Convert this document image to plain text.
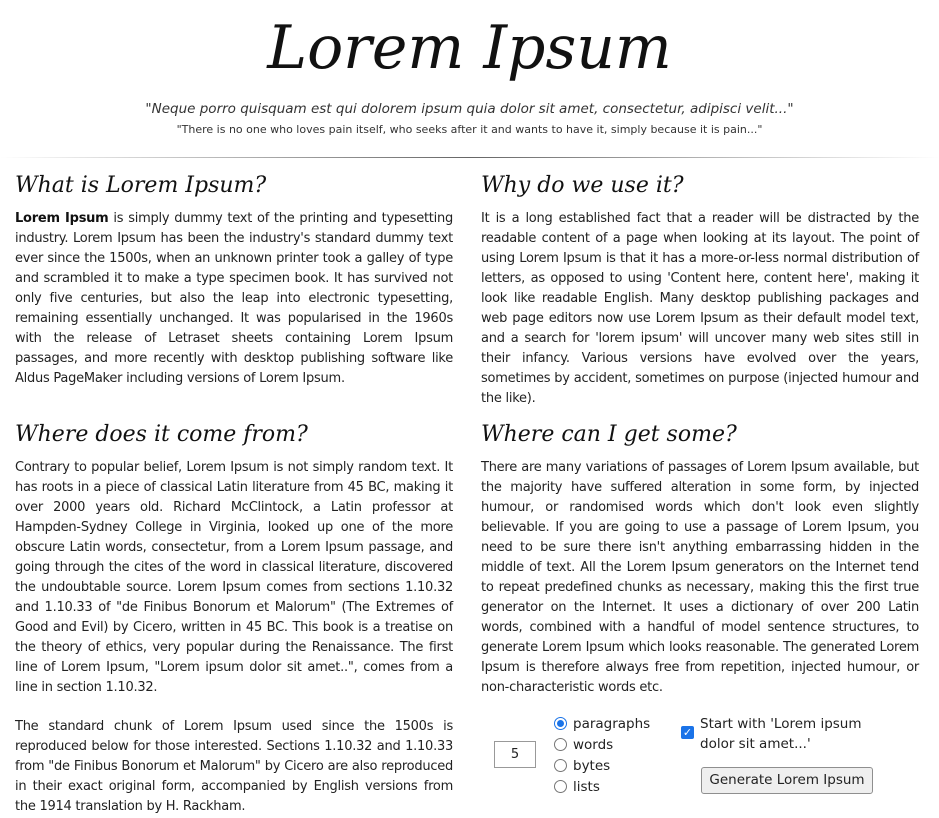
Lorem Ipsum
"Neque porro quisquam est qui dolorem ipsum quia dolor sit amet, consectetur, adipisci velit..."
"There is no one who loves pain itself, who seeks after it and wants to have it, simply because it is pain..."
What is Lorem Ipsum?

Lorem Ipsum is simply dummy text of the printing and typesetting industry. Lorem Ipsum has been the industry's standard dummy text ever since the 1500s, when an unknown printer took a galley of type and scrambled it to make a type specimen book. It has survived not only five centuries, but also the leap into electronic typesetting, remaining essentially unchanged. It was popularised in the 1960s with the release of Letraset sheets containing Lorem Ipsum passages, and more recently with desktop publishing software like Aldus PageMaker including versions of Lorem Ipsum.

Why do we use it?

It is a long established fact that a reader will be distracted by the readable content of a page when looking at its layout. The point of using Lorem Ipsum is that it has a more-or-less normal distribution of letters, as opposed to using 'Content here, content here', making it look like readable English. Many desktop publishing packages and web page editors now use Lorem Ipsum as their default model text, and a search for 'lorem ipsum' will uncover many web sites still in their infancy. Various versions have evolved over the years, sometimes by accident, sometimes on purpose (injected humour and the like).

Where does it come from?

Contrary to popular belief, Lorem Ipsum is not simply random text. It has roots in a piece of classical Latin literature from 45 BC, making it over 2000 years old. Richard McClintock, a Latin professor at Hampden-Sydney College in Virginia, looked up one of the more obscure Latin words, consectetur, from a Lorem Ipsum passage, and going through the cites of the word in classical literature, discovered the undoubtable source. Lorem Ipsum comes from sections 1.10.32 and 1.10.33 of "de Finibus Bonorum et Malorum" (The Extremes of Good and Evil) by Cicero, written in 45 BC. This book is a treatise on the theory of ethics, very popular during the Renaissance. The first line of Lorem Ipsum, "Lorem ipsum dolor sit amet..", comes from a line in section 1.10.32.

The standard chunk of Lorem Ipsum used since the 1500s is reproduced below for those interested. Sections 1.10.32 and 1.10.33 from "de Finibus Bonorum et Malorum" by Cicero are also reproduced in their exact original form, accompanied by English versions from the 1914 translation by H. Rackham.

Where can I get some?

There are many variations of passages of Lorem Ipsum available, but the majority have suffered alteration in some form, by injected humour, or randomised words which don't look even slightly believable. If you are going to use a passage of Lorem Ipsum, you need to be sure there isn't anything embarrassing hidden in the middle of text. All the Lorem Ipsum generators on the Internet tend to repeat predefined chunks as necessary, making this the first true generator on the Internet. It uses a dictionary of over 200 Latin words, combined with a handful of model sentence structures, to generate Lorem Ipsum which looks reasonable. The generated Lorem Ipsum is therefore always free from repetition, injected humour, or non-characteristic words etc.

5
paragraphs
words
bytes
lists
✓
Start with 'Lorem ipsum dolor sit amet...'
Generate Lorem Ipsum
